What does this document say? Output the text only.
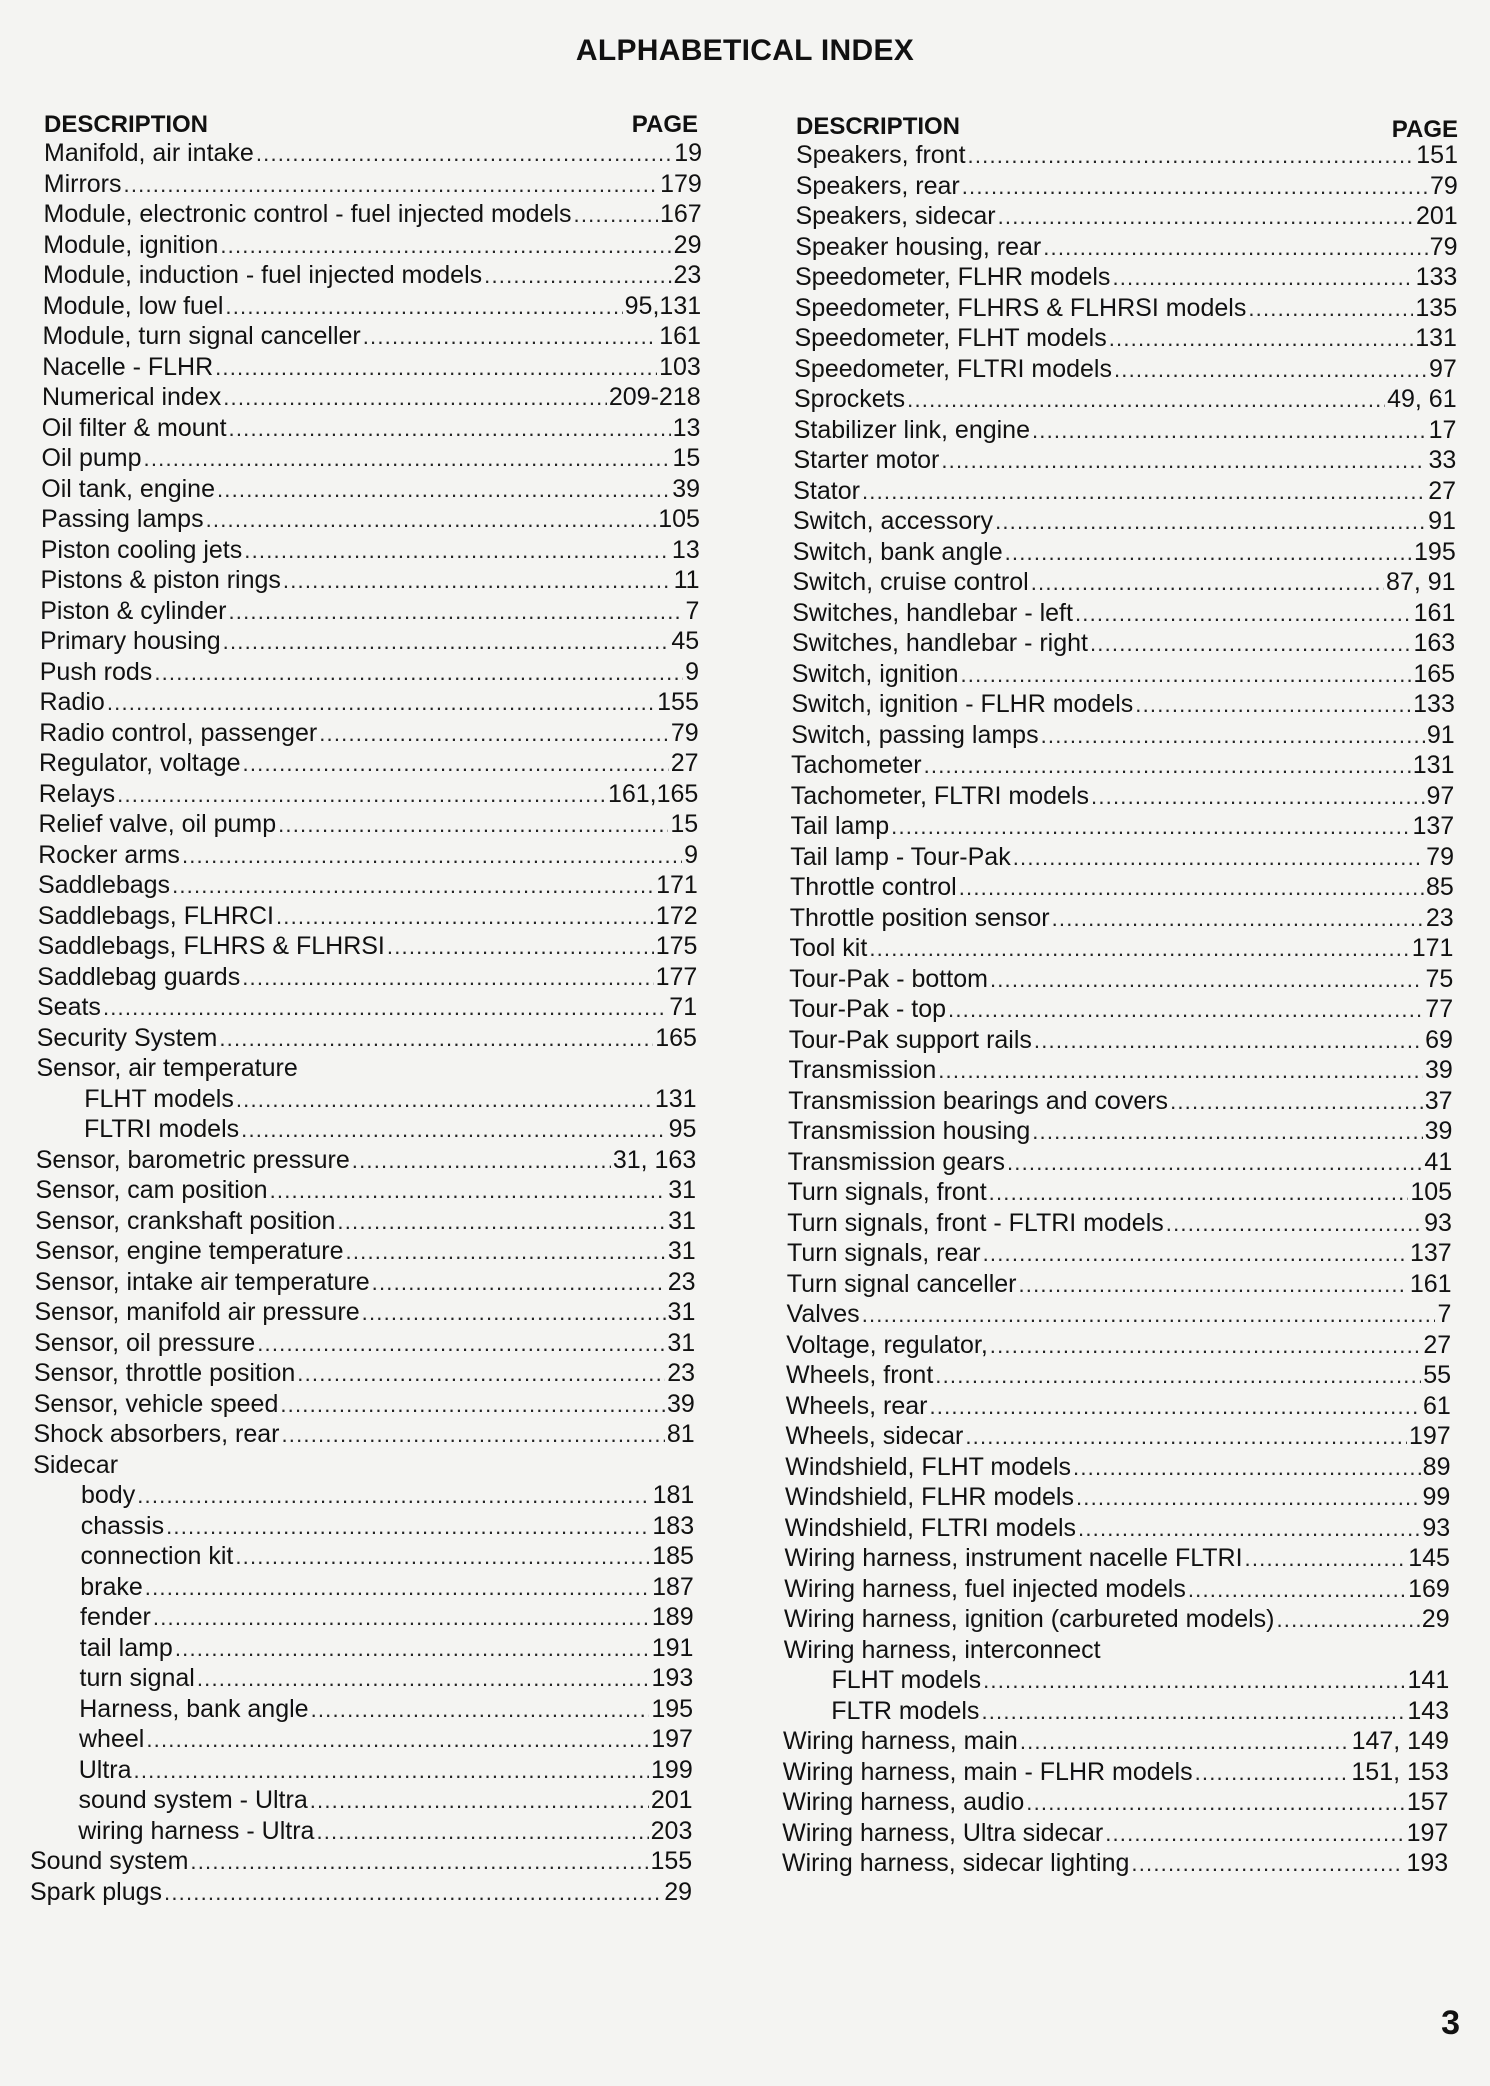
ALPHABETICAL INDEX
DESCRIPTION	PAGE
Manifold, air intake .....	19
Mirrors .....	179
Module, electronic control - fuel injected models .....	167
Module, ignition .....	29
Module, induction - fuel injected models .....	23
Module, low fuel .....	95,131
Module, turn signal canceller .....	161
Nacelle - FLHR .....	103
Numerical index .....	209-218
Oil filter & mount .....	13
Oil pump .....	15
Oil tank, engine .....	39
Passing lamps .....	105
Piston cooling jets .....	13
Pistons & piston rings .....	11
Piston & cylinder .....	7
Primary housing .....	45
Push rods .....	9
Radio .....	155
Radio control, passenger .....	79
Regulator, voltage .....	27
Relays .....	161,165
Relief valve, oil pump .....	15
Rocker arms .....	9
Saddlebags .....	171
Saddlebags, FLHRCI .....	172
Saddlebags, FLHRS & FLHRSI .....	175
Saddlebag guards .....	177
Seats .....	71
Security System .....	165
Sensor, air temperature
FLHT models .....	131
FLTRI models .....	95
Sensor, barometric pressure .....	31, 163
Sensor, cam position .....	31
Sensor, crankshaft position .....	31
Sensor, engine temperature .....	31
Sensor, intake air temperature .....	23
Sensor, manifold air pressure .....	31
Sensor, oil pressure .....	31
Sensor, throttle position .....	23
Sensor, vehicle speed .....	39
Shock absorbers, rear .....	81
Sidecar
body .....	181
chassis .....	183
connection kit .....	185
brake .....	187
fender .....	189
tail lamp .....	191
turn signal .....	193
Harness, bank angle .....	195
wheel .....	197
Ultra .....	199
sound system - Ultra .....	201
wiring harness - Ultra .....	203
Sound system .....	155
Spark plugs .....	29
DESCRIPTION	PAGE
Speakers, front .....	151
Speakers, rear .....	79
Speakers, sidecar .....	201
Speaker housing, rear .....	79
Speedometer, FLHR models .....	133
Speedometer, FLHRS & FLHRSI models .....	135
Speedometer, FLHT models .....	131
Speedometer, FLTRI models .....	97
Sprockets .....	49, 61
Stabilizer link, engine .....	17
Starter motor .....	33
Stator .....	27
Switch, accessory .....	91
Switch, bank angle .....	195
Switch, cruise control .....	87, 91
Switches, handlebar - left .....	161
Switches, handlebar - right .....	163
Switch, ignition .....	165
Switch, ignition - FLHR models .....	133
Switch, passing lamps .....	91
Tachometer .....	131
Tachometer, FLTRI models .....	97
Tail lamp .....	137
Tail lamp - Tour-Pak .....	79
Throttle control .....	85
Throttle position sensor .....	23
Tool kit .....	171
Tour-Pak - bottom .....	75
Tour-Pak - top .....	77
Tour-Pak support rails .....	69
Transmission .....	39
Transmission bearings and covers .....	37
Transmission housing .....	39
Transmission gears .....	41
Turn signals, front .....	105
Turn signals, front - FLTRI models .....	93
Turn signals, rear .....	137
Turn signal canceller .....	161
Valves .....	7
Voltage, regulator, .....	27
Wheels, front .....	55
Wheels, rear .....	61
Wheels, sidecar .....	197
Windshield, FLHT models .....	89
Windshield, FLHR models .....	99
Windshield, FLTRI models .....	93
Wiring harness, instrument nacelle FLTRI .....	145
Wiring harness, fuel injected models .....	169
Wiring harness, ignition (carbureted models) .....	29
Wiring harness, interconnect
FLHT models .....	141
FLTR models .....	143
Wiring harness, main .....	147, 149
Wiring harness, main - FLHR models .....	151, 153
Wiring harness, audio .....	157
Wiring harness, Ultra sidecar .....	197
Wiring harness, sidecar lighting .....	193
3
